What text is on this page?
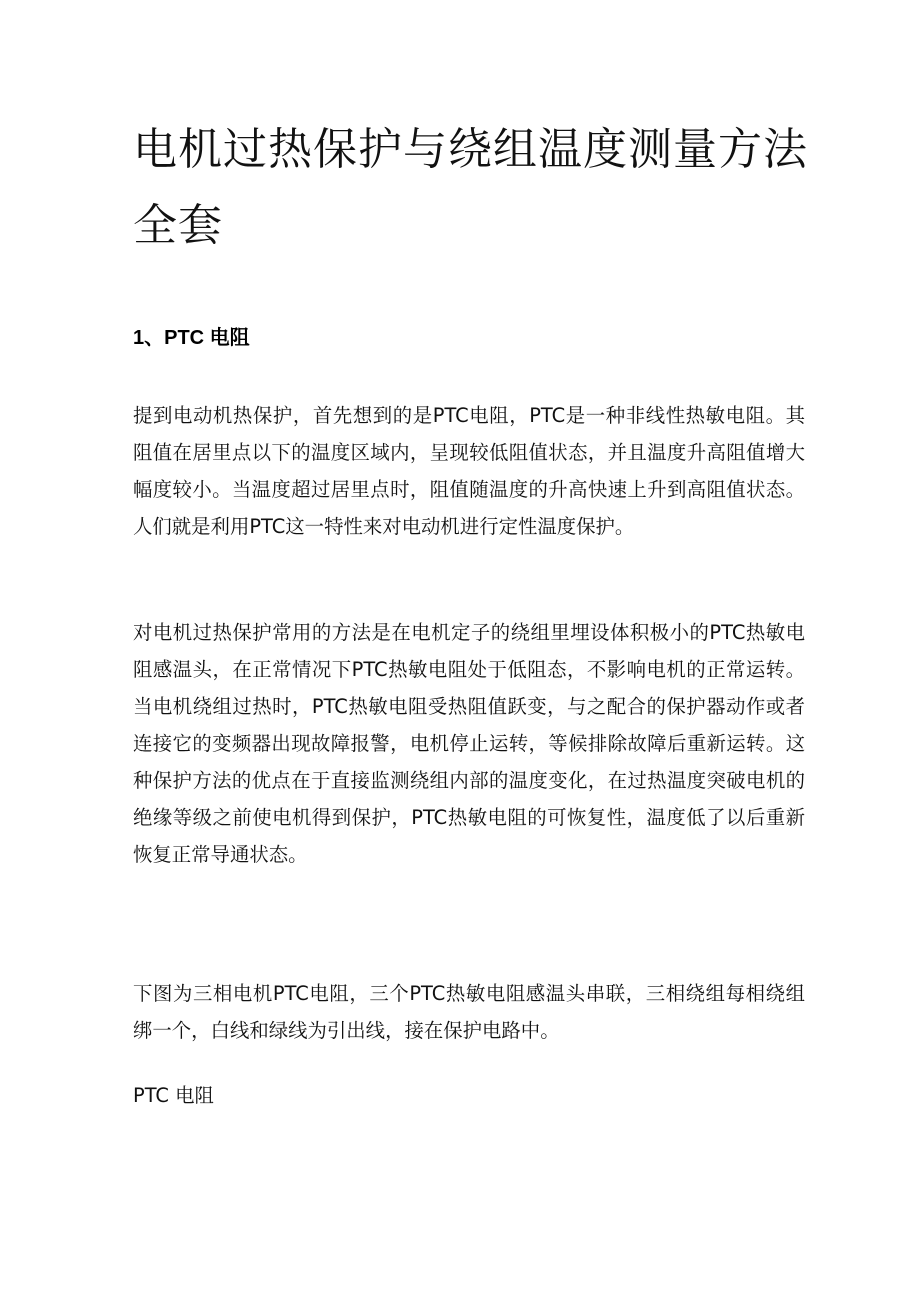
电机过热保护与绕组温度测量方法全套
1、PTC 电阻

提到电动机热保护，首先想到的是PTC电阻，PTC是一种非线性热敏电阻。其阻值在居里点以下的温度区域内，呈现较低阻值状态，并且温度升高阻值增大幅度较小。当温度超过居里点时，阻值随温度的升高快速上升到高阻值状态。人们就是利用PTC这一特性来对电动机进行定性温度保护。

对电机过热保护常用的方法是在电机定子的绕组里埋设体积极小的PTC热敏电阻感温头，在正常情况下PTC热敏电阻处于低阻态，不影响电机的正常运转。当电机绕组过热时，PTC热敏电阻受热阻值跃变，与之配合的保护器动作或者连接它的变频器出现故障报警，电机停止运转，等候排除故障后重新运转。这种保护方法的优点在于直接监测绕组内部的温度变化，在过热温度突破电机的绝缘等级之前使电机得到保护，PTC热敏电阻的可恢复性，温度低了以后重新恢复正常导通状态。

下图为三相电机PTC电阻，三个PTC热敏电阻感温头串联，三相绕组每相绕组绑一个，白线和绿线为引出线，接在保护电路中。

PTC 电阻
